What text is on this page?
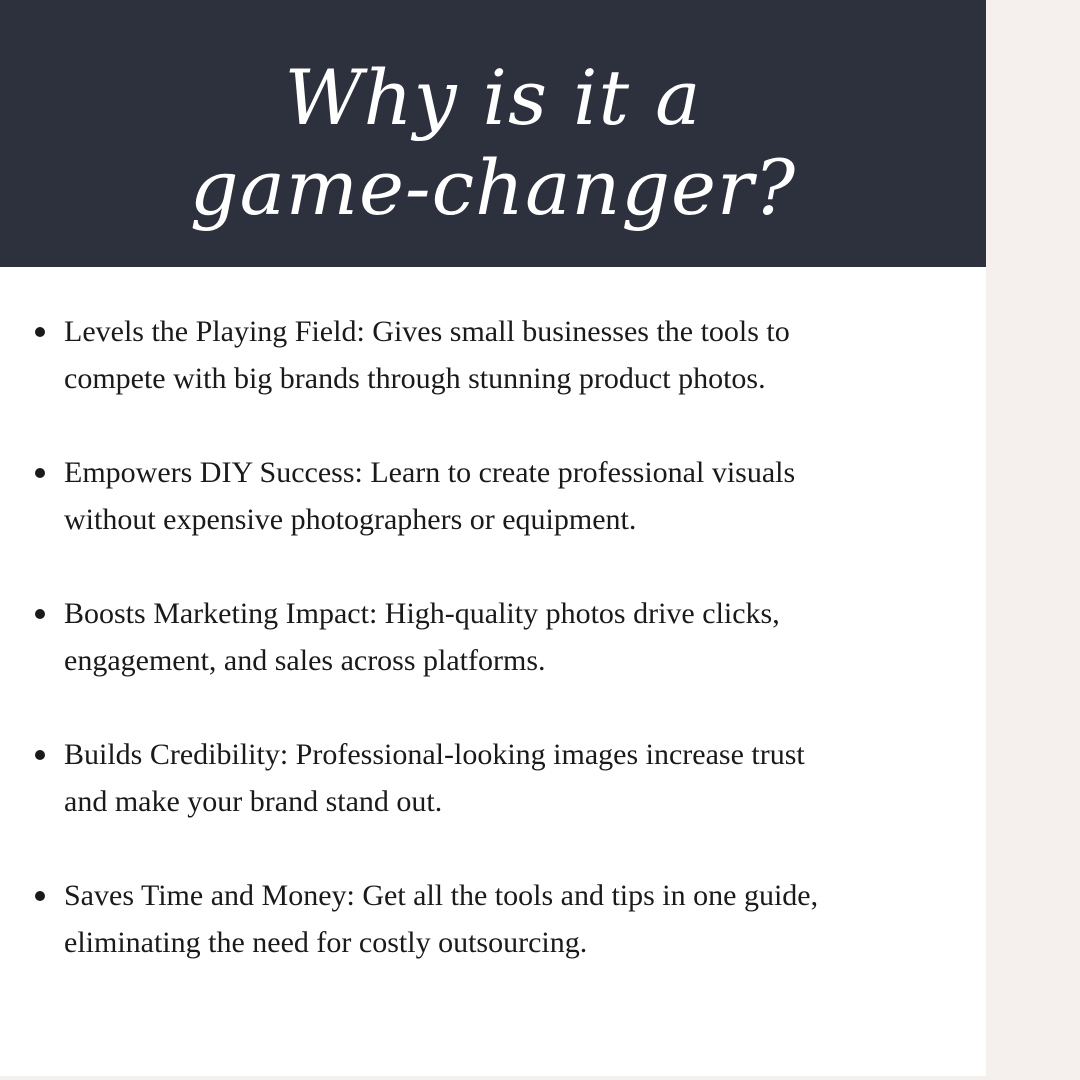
Why is it a
game-changer?
Levels the Playing Field: Gives small businesses the tools to
compete with big brands through stunning product photos.
Empowers DIY Success: Learn to create professional visuals
without expensive photographers or equipment.
Boosts Marketing Impact: High-quality photos drive clicks,
engagement, and sales across platforms.
Builds Credibility: Professional-looking images increase trust
and make your brand stand out.
Saves Time and Money: Get all the tools and tips in one guide,
eliminating the need for costly outsourcing.
